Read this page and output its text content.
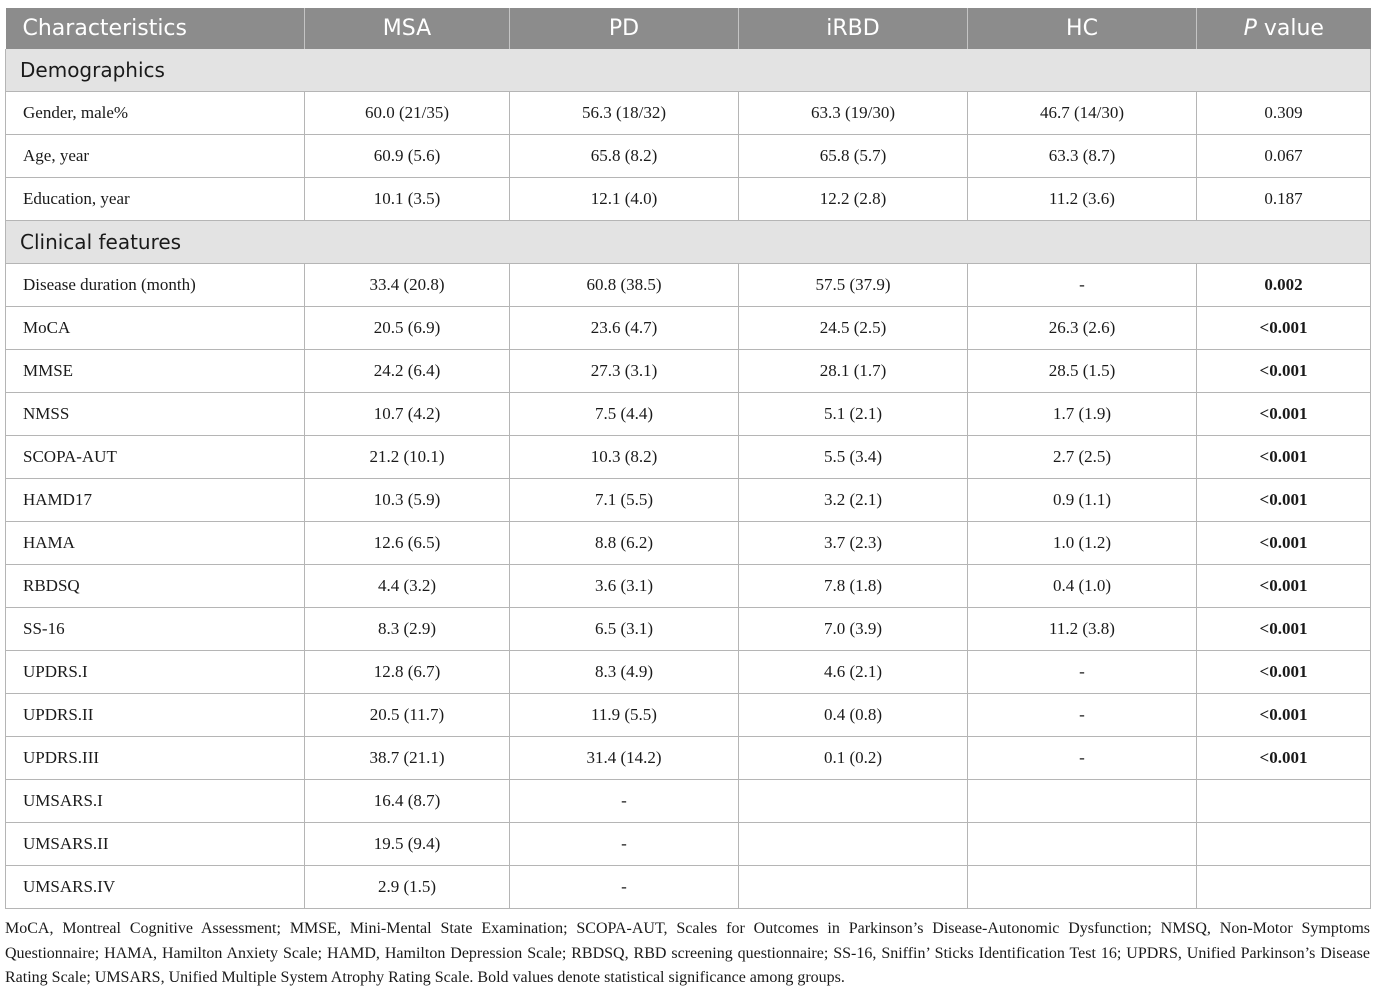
Characteristics	MSA	PD	iRBD	HC	P value
Demographics					
Gender, male%	60.0 (21/35)	56.3 (18/32)	63.3 (19/30)	46.7 (14/30)	0.309
Age, year	60.9 (5.6)	65.8 (8.2)	65.8 (5.7)	63.3 (8.7)	0.067
Education, year	10.1 (3.5)	12.1 (4.0)	12.2 (2.8)	11.2 (3.6)	0.187
Clinical features					
Disease duration (month)	33.4 (20.8)	60.8 (38.5)	57.5 (37.9)	-	0.002
MoCA	20.5 (6.9)	23.6 (4.7)	24.5 (2.5)	26.3 (2.6)	<0.001
MMSE	24.2 (6.4)	27.3 (3.1)	28.1 (1.7)	28.5 (1.5)	<0.001
NMSS	10.7 (4.2)	7.5 (4.4)	5.1 (2.1)	1.7 (1.9)	<0.001
SCOPA-AUT	21.2 (10.1)	10.3 (8.2)	5.5 (3.4)	2.7 (2.5)	<0.001
HAMD17	10.3 (5.9)	7.1 (5.5)	3.2 (2.1)	0.9 (1.1)	<0.001
HAMA	12.6 (6.5)	8.8 (6.2)	3.7 (2.3)	1.0 (1.2)	<0.001
RBDSQ	4.4 (3.2)	3.6 (3.1)	7.8 (1.8)	0.4 (1.0)	<0.001
SS-16	8.3 (2.9)	6.5 (3.1)	7.0 (3.9)	11.2 (3.8)	<0.001
UPDRS.I	12.8 (6.7)	8.3 (4.9)	4.6 (2.1)	-	<0.001
UPDRS.II	20.5 (11.7)	11.9 (5.5)	0.4 (0.8)	-	<0.001
UPDRS.III	38.7 (21.1)	31.4 (14.2)	0.1 (0.2)	-	<0.001
UMSARS.I	16.4 (8.7)	-			
UMSARS.II	19.5 (9.4)	-			
UMSARS.IV	2.9 (1.5)	-			
MoCA, Montreal Cognitive Assessment; MMSE, Mini-Mental State Examination; SCOPA-AUT, Scales for Outcomes in Parkinson’s Disease-Autonomic Dysfunction; NMSQ, Non-Motor Symptoms Questionnaire; HAMA, Hamilton Anxiety Scale; HAMD, Hamilton Depression Scale; RBDSQ, RBD screening questionnaire; SS-16, Sniffin’ Sticks Identification Test 16; UPDRS, Unified Parkinson’s Disease Rating Scale; UMSARS, Unified Multiple System Atrophy Rating Scale. Bold values denote statistical significance among groups.
